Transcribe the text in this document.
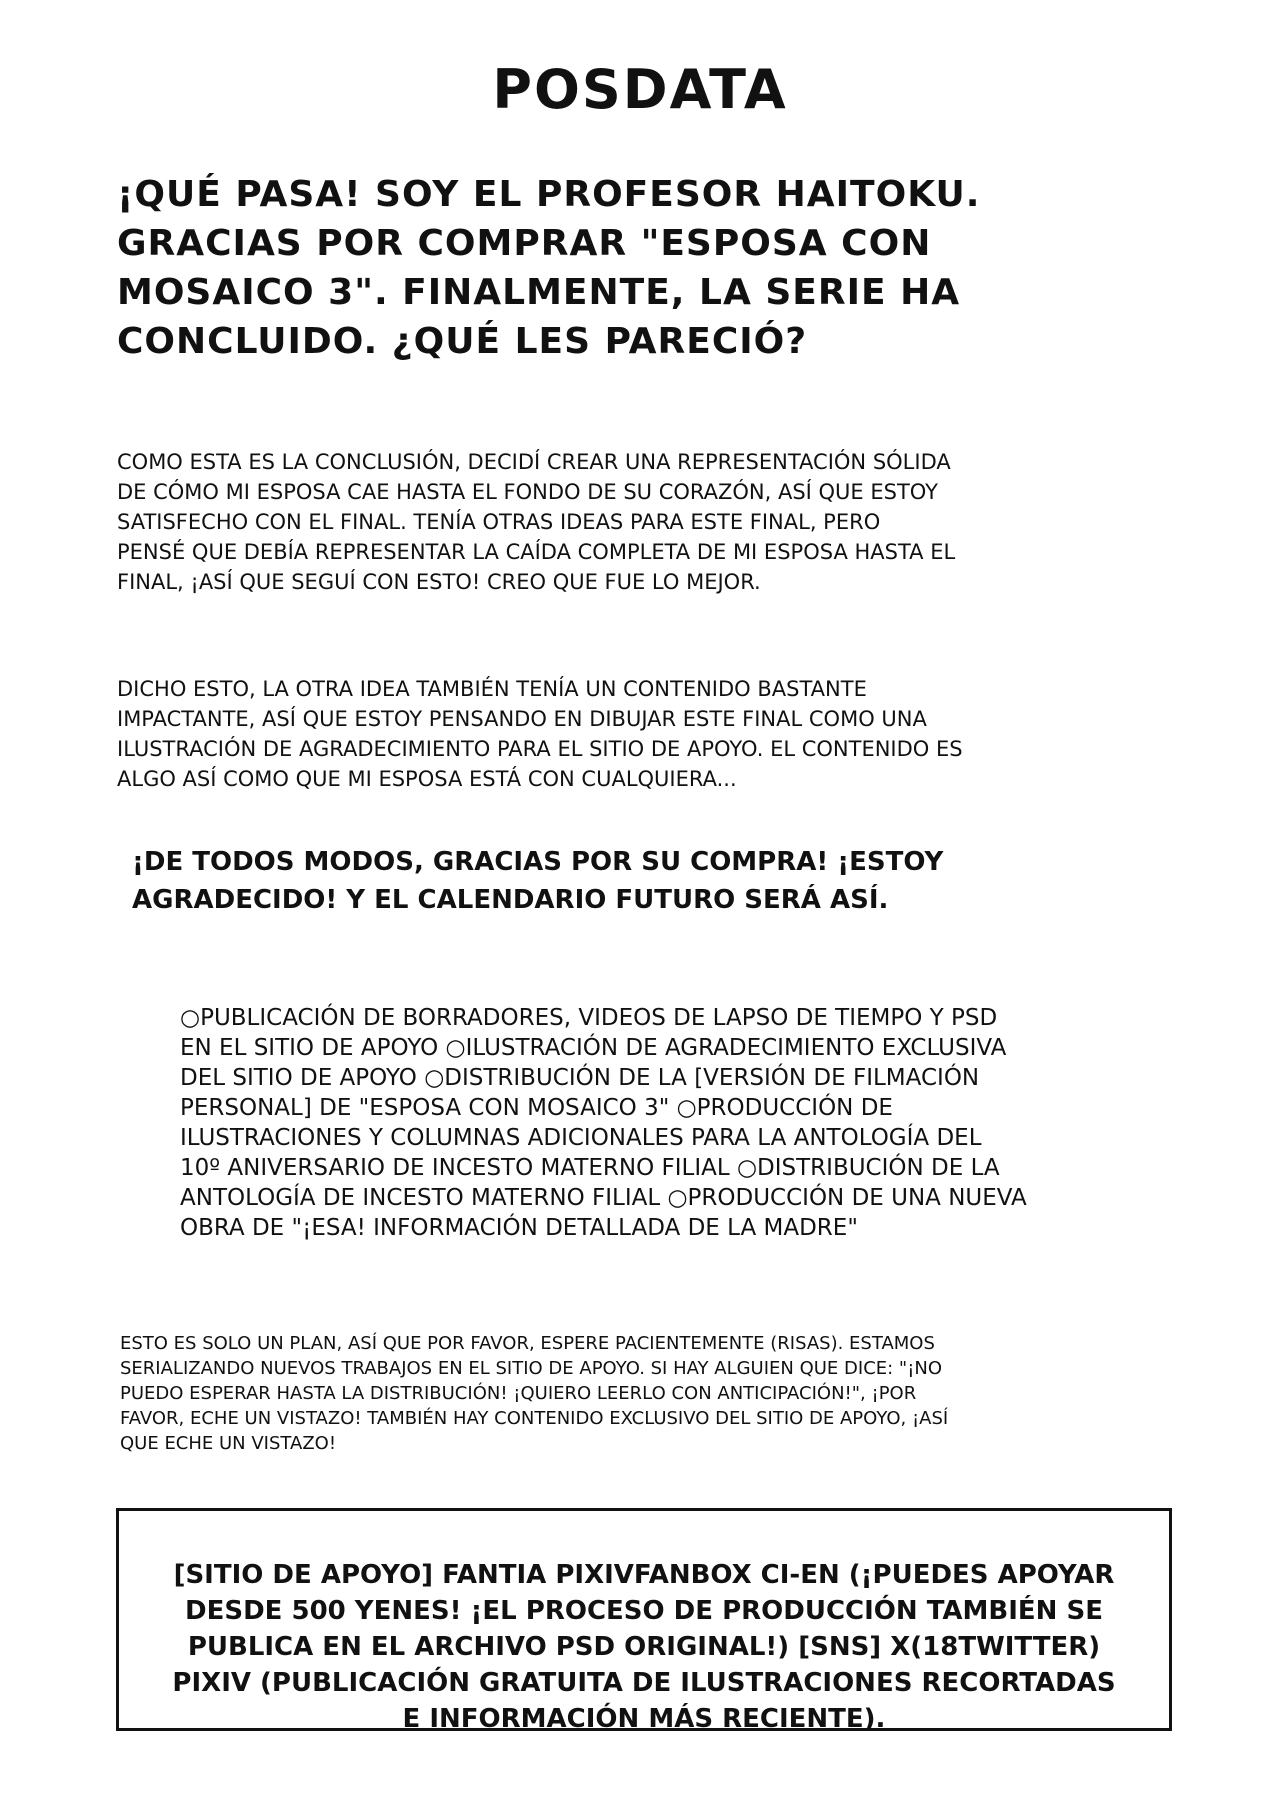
POSDATA

¡QUÉ PASA! SOY EL PROFESOR HAITOKU.
GRACIAS POR COMPRAR "ESPOSA CON
MOSAICO 3". FINALMENTE, LA SERIE HA
CONCLUIDO. ¿QUÉ LES PARECIÓ?

COMO ESTA ES LA CONCLUSIÓN, DECIDÍ CREAR UNA REPRESENTACIÓN SÓLIDA
DE CÓMO MI ESPOSA CAE HASTA EL FONDO DE SU CORAZÓN, ASÍ QUE ESTOY
SATISFECHO CON EL FINAL. TENÍA OTRAS IDEAS PARA ESTE FINAL, PERO
PENSÉ QUE DEBÍA REPRESENTAR LA CAÍDA COMPLETA DE MI ESPOSA HASTA EL
FINAL, ¡ASÍ QUE SEGUÍ CON ESTO! CREO QUE FUE LO MEJOR.

DICHO ESTO, LA OTRA IDEA TAMBIÉN TENÍA UN CONTENIDO BASTANTE
IMPACTANTE, ASÍ QUE ESTOY PENSANDO EN DIBUJAR ESTE FINAL COMO UNA
ILUSTRACIÓN DE AGRADECIMIENTO PARA EL SITIO DE APOYO. EL CONTENIDO ES
ALGO ASÍ COMO QUE MI ESPOSA ESTÁ CON CUALQUIERA...

¡DE TODOS MODOS, GRACIAS POR SU COMPRA! ¡ESTOY
AGRADECIDO! Y EL CALENDARIO FUTURO SERÁ ASÍ.

○PUBLICACIÓN DE BORRADORES, VIDEOS DE LAPSO DE TIEMPO Y PSD
EN EL SITIO DE APOYO ○ILUSTRACIÓN DE AGRADECIMIENTO EXCLUSIVA
DEL SITIO DE APOYO ○DISTRIBUCIÓN DE LA [VERSIÓN DE FILMACIÓN
PERSONAL] DE "ESPOSA CON MOSAICO 3" ○PRODUCCIÓN DE
ILUSTRACIONES Y COLUMNAS ADICIONALES PARA LA ANTOLOGÍA DEL
10º ANIVERSARIO DE INCESTO MATERNO FILIAL ○DISTRIBUCIÓN DE LA
ANTOLOGÍA DE INCESTO MATERNO FILIAL ○PRODUCCIÓN DE UNA NUEVA
OBRA DE "¡ESA! INFORMACIÓN DETALLADA DE LA MADRE"

ESTO ES SOLO UN PLAN, ASÍ QUE POR FAVOR, ESPERE PACIENTEMENTE (RISAS). ESTAMOS
SERIALIZANDO NUEVOS TRABAJOS EN EL SITIO DE APOYO. SI HAY ALGUIEN QUE DICE: "¡NO
PUEDO ESPERAR HASTA LA DISTRIBUCIÓN! ¡QUIERO LEERLO CON ANTICIPACIÓN!", ¡POR
FAVOR, ECHE UN VISTAZO! TAMBIÉN HAY CONTENIDO EXCLUSIVO DEL SITIO DE APOYO, ¡ASÍ
QUE ECHE UN VISTAZO!

[SITIO DE APOYO] FANTIA PIXIVFANBOX CI-EN (¡PUEDES APOYAR
DESDE 500 YENES! ¡EL PROCESO DE PRODUCCIÓN TAMBIÉN SE
PUBLICA EN EL ARCHIVO PSD ORIGINAL!) [SNS] X(18TWITTER)
PIXIV (PUBLICACIÓN GRATUITA DE ILUSTRACIONES RECORTADAS
E INFORMACIÓN MÁS RECIENTE).
